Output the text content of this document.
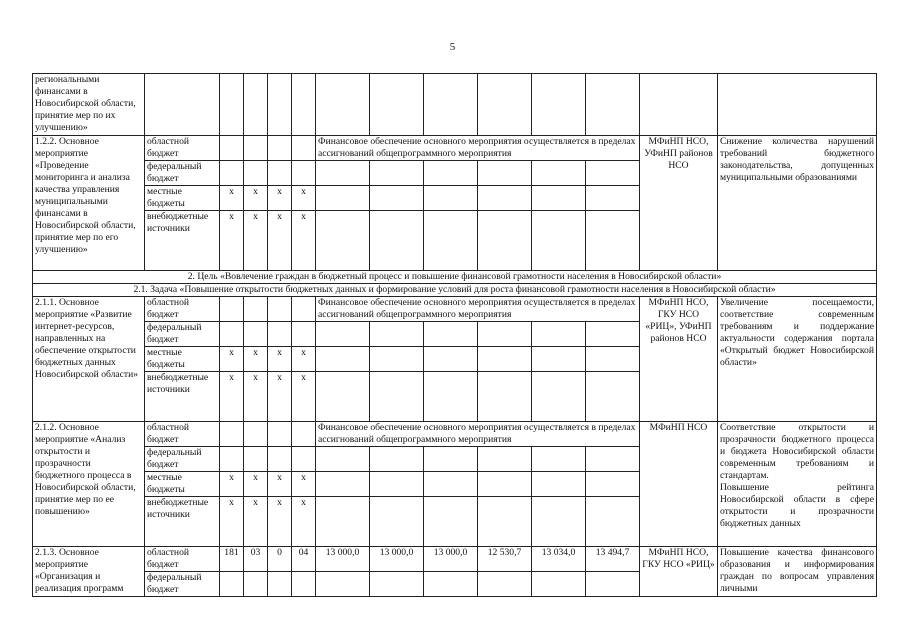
5
региональными финансами в Новосибирской области, принятие мер по их улучшению»													
1.2.2. Основное мероприятие «Проведение мониторинга и анализа качества управления муниципальными финансами в Новосибирской области, принятие мер по его улучшению»	областной бюджет					Финансовое обеспечение основного мероприятия осуществляется в пределах ассигнований общепрограммного мероприятия						МФиНП НСО, УФиНП районов НСО	Снижение количества нарушений требований бюджетного законодательства, допущенных муниципальными образованиями
	федеральный бюджет												
	местные бюджеты	x	x	x	x								
	внебюджетные источники	x	x	x	x								
2. Цель «Вовлечение граждан в бюджетный процесс и повышение финансовой грамотности населения в Новосибирской области»													
2.1. Задача «Повышение открытости бюджетных данных и формирование условий для роста финансовой грамотности населения в Новосибирской области»													
2.1.1. Основное мероприятие «Развитие интернет-ресурсов, направленных на обеспечение открытости бюджетных данных Новосибирской области»	областной бюджет					Финансовое обеспечение основного мероприятия осуществляется в пределах ассигнований общепрограммного мероприятия						МФиНП НСО, ГКУ НСО «РИЦ», УФиНП районов НСО	Увеличение посещаемости, соответствие современным требованиям и поддержание актуальности содержания портала «Открытый бюджет Новосибирской области»
	федеральный бюджет												
	местные бюджеты	x	x	x	x								
	внебюджетные источники	x	x	x	x								
2.1.2. Основное мероприятие «Анализ открытости и прозрачности бюджетного процесса в Новосибирской области, принятие мер по ее повышению»	областной бюджет					Финансовое обеспечение основного мероприятия осуществляется в пределах ассигнований общепрограммного мероприятия						МФиНП НСО	Соответствие открытости и прозрачности бюджетного процесса и бюджета Новосибирской области современным требованиям и стандартам.
Повышение рейтинга Новосибирской области в сфере открытости и прозрачности бюджетных данных

	федеральный бюджет												
	местные бюджеты	x	x	x	x								
	внебюджетные источники	x	x	x	x								
2.1.3. Основное мероприятие «Организация и реализация программ	областной бюджет	181	03	0	04	13 000,0	13 000,0	13 000,0	12 530,7	13 034,0	13 494,7	МФиНП НСО, ГКУ НСО «РИЦ»	Повышение качества финансового образования и информирования граждан по вопросам управления личными
	федеральный бюджет												
